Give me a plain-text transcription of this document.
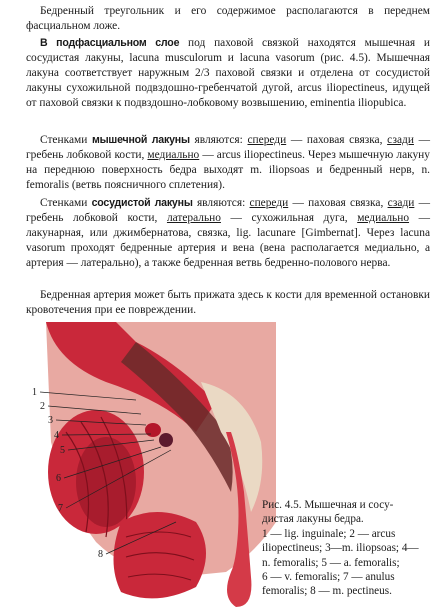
Бедренный треугольник и его содержимое располагаются в переднем фасциальном ложе.

В подфасциальном слое под паховой связкой находятся мышечная и сосудистая лакуны, lacuna musculorum и lacuna vasorum (рис. 4.5). Мышечная лакуна соответствует наружным 2/3 паховой связки и отделена от сосудистой лакуны сухожильной подвздошно-гребенчатой дугой, arcus iliopectineus, идущей от паховой связки к подвздошно-лобковому возвышению, eminentia iliopubica.

Стенками мышечной лакуны являются: спереди — паховая связка, сзади — гребень лобковой кости, медиально — arcus iliopectineus. Через мышечную лакуну на переднюю поверхность бедра выходят m. iliopsoas и бедренный нерв, n. femoralis (ветвь поясничного сплетения).

Стенками сосудистой лакуны являются: спереди — паховая связка, сзади — гребень лобковой кости, латерально — сухожильная дуга, медиально — лакунарная, или джимбернатова, связка, lig. lacunare [Gimbernat]. Через lacuna vasorum проходят бедренные артерия и вена (вена располагается медиально, а артерия — латерально), а также бедренная ветвь бедренно-полового нерва.

Бедренная артерия может быть прижата здесь к кости для временной остановки кровотечения при ее повреждении.

1
2
3
4
5
6
7
8
Рис. 4.5. Мышечная и сосу-
дистая лакуны бедра.
1 — lig. inguinale; 2 — arcus
iliopectineus; 3—m. iliopsoas; 4—
n. femoralis; 5 — a. femoralis;
6 — v. femoralis; 7 — anulus
femoralis; 8 — m. pectineus.
